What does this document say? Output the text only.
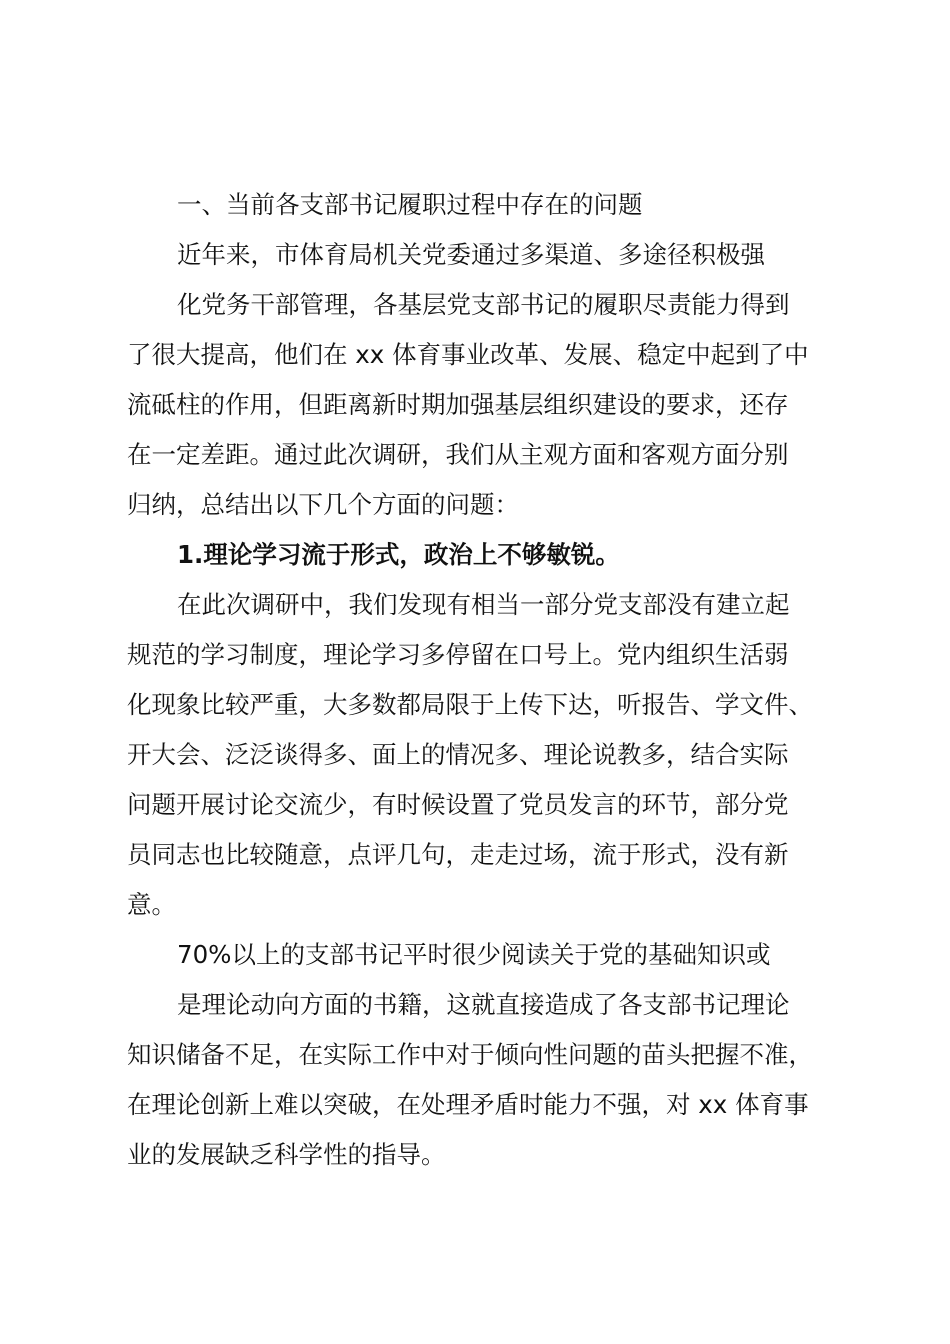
一、当前各支部书记履职过程中存在的问题
近年来，市体育局机关党委通过多渠道、多途径积极强
化党务干部管理，各基层党支部书记的履职尽责能力得到
了很大提高，他们在 xx 体育事业改革、发展、稳定中起到了中
流砥柱的作用，但距离新时期加强基层组织建设的要求，还存
在一定差距。通过此次调研，我们从主观方面和客观方面分别
归纳，总结出以下几个方面的问题：
1.理论学习流于形式，政治上不够敏锐。
在此次调研中，我们发现有相当一部分党支部没有建立起
规范的学习制度，理论学习多停留在口号上。党内组织生活弱
化现象比较严重，大多数都局限于上传下达，听报告、学文件、
开大会、泛泛谈得多、面上的情况多、理论说教多，结合实际
问题开展讨论交流少，有时候设置了党员发言的环节，部分党
员同志也比较随意，点评几句，走走过场，流于形式，没有新
意。
70%以上的支部书记平时很少阅读关于党的基础知识或
是理论动向方面的书籍，这就直接造成了各支部书记理论
知识储备不足，在实际工作中对于倾向性问题的苗头把握不准，
在理论创新上难以突破，在处理矛盾时能力不强，对 xx 体育事
业的发展缺乏科学性的指导。
